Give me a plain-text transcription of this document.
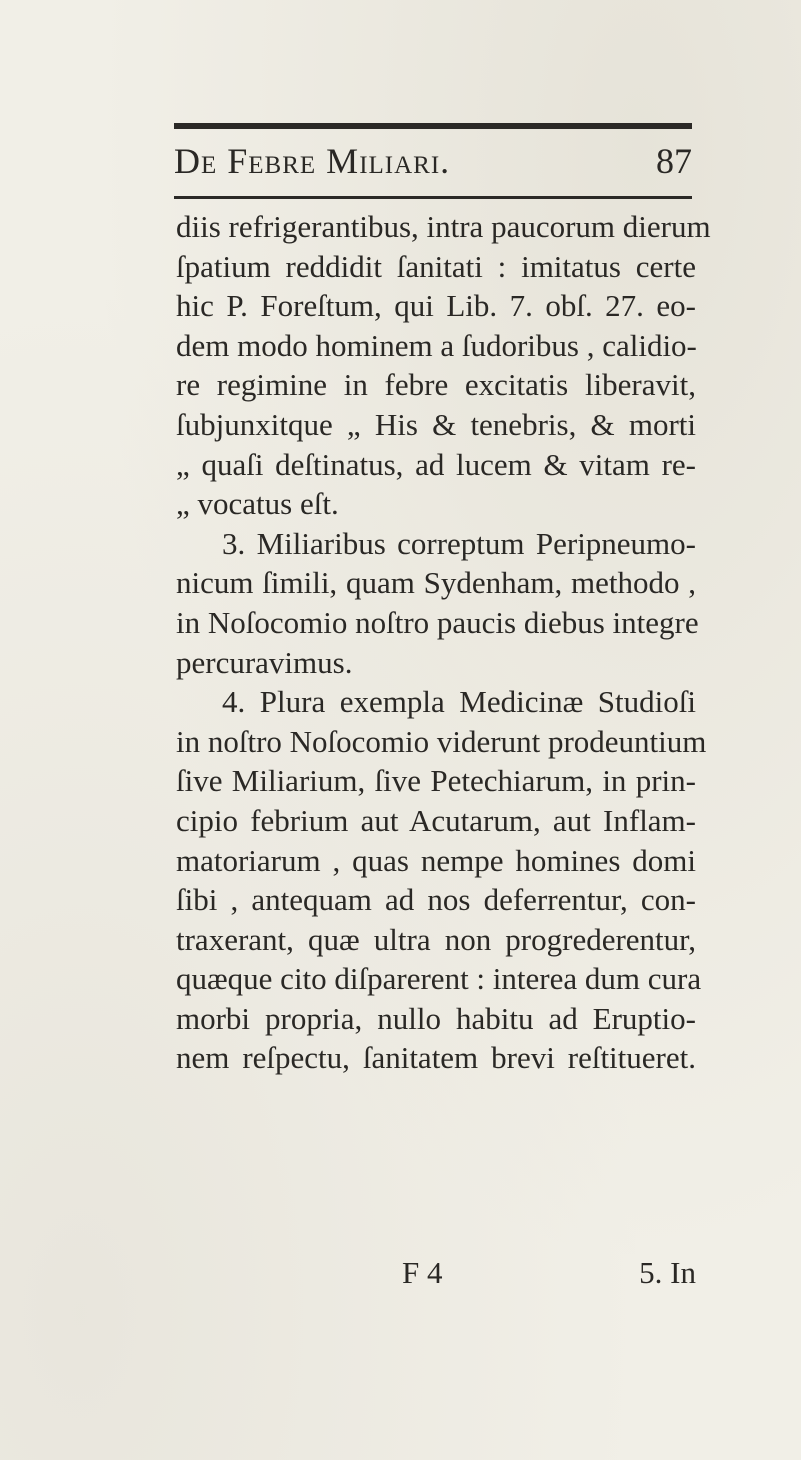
De Febre Miliari.	87
diis refrigerantibus, intra paucorum dierum
ſpatium reddidit ſanitati : imitatus certe
hic P. Foreſtum, qui Lib. 7. obſ. 27. eo-
dem modo hominem a ſudoribus , calidio-
re regimine in febre excitatis liberavit,
ſubjunxitque „ His & tenebris, & morti
„ quaſi deſtinatus, ad lucem & vitam re-
„ vocatus eſt.
3. Miliaribus correptum Peripneumo-
nicum ſimili, quam Sydenham, methodo ,
in Noſocomio noſtro paucis diebus integre
percuravimus.
4. Plura exempla Medicinæ Studioſi
in noſtro Noſocomio viderunt prodeuntium
ſive Miliarium, ſive Petechiarum, in prin-
cipio febrium aut Acutarum, aut Inflam-
matoriarum , quas nempe homines domi
ſibi , antequam ad nos deferrentur, con-
traxerant, quæ ultra non progrederentur,
quæque cito diſparerent : interea dum cura
morbi propria, nullo habitu ad Eruptio-
nem reſpectu, ſanitatem brevi reſtitueret.
F 4	5. In
